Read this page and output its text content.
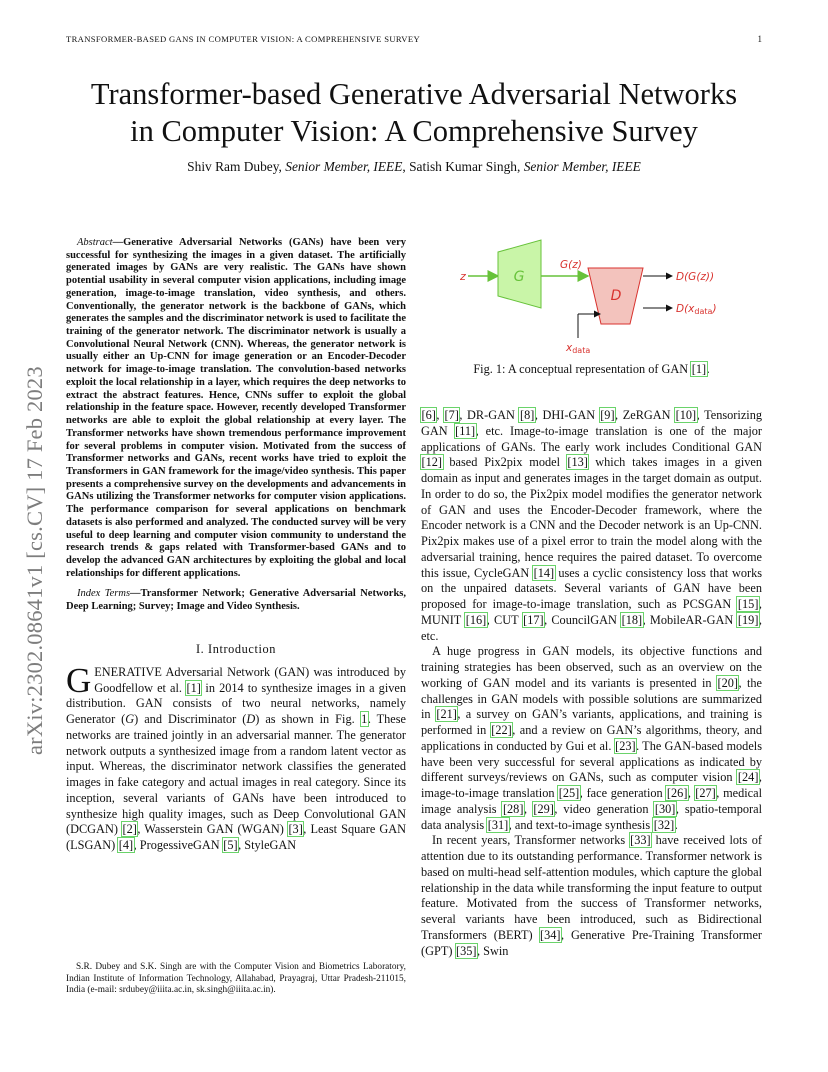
TRANSFORMER-BASED GANS IN COMPUTER VISION: A COMPREHENSIVE SURVEY	1
arXiv:2302.08641v1 [cs.CV] 17 Feb 2023
Transformer-based Generative Adversarial Networks
in Computer Vision: A Comprehensive Survey
Shiv Ram Dubey, Senior Member, IEEE, Satish Kumar Singh, Senior Member, IEEE
Abstract—Generative Adversarial Networks (GANs) have been very successful for synthesizing the images in a given dataset. The artificially generated images by GANs are very realistic. The GANs have shown potential usability in several computer vision applications, including image generation, image-to-image translation, video synthesis, and others. Conventionally, the generator network is the backbone of GANs, which generates the samples and the discriminator network is used to facilitate the training of the generator network. The discriminator network is usually a Convolutional Neural Network (CNN). Whereas, the generator network is usually either an Up-CNN for image generation or an Encoder-Decoder network for image-to-image translation. The convolution-based networks exploit the local relationship in a layer, which requires the deep networks to extract the abstract features. Hence, CNNs suffer to exploit the global relationship in the feature space. However, recently developed Transformer networks are able to exploit the global relationship at every layer. The Transformer networks have shown tremendous performance improvement for several problems in computer vision. Motivated from the success of Transformer networks and GANs, recent works have tried to exploit the Transformers in GAN framework for the image/video synthesis. This paper presents a comprehensive survey on the developments and advancements in GANs utilizing the Transformer networks for computer vision applications. The performance comparison for several applications on benchmark datasets is also performed and analyzed. The conducted survey will be very useful to deep learning and computer vision community to understand the research trends & gaps related with Transformer-based GANs and to develop the advanced GAN architectures by exploiting the global and local relationships for different applications.
Index Terms—Transformer Network; Generative Adversarial Networks, Deep Learning; Survey; Image and Video Synthesis.
I. Introduction

GENERATIVE Adversarial Network (GAN) was introduced by Goodfellow et al. [1] in 2014 to synthesize images in a given distribution. GAN consists of two neural networks, namely Generator (G) and Discriminator (D) as shown in Fig. 1. These networks are trained jointly in an adversarial manner. The generator network outputs a synthesized image from a random latent vector as input. Whereas, the discriminator network classifies the generated images in fake category and actual images in real category. Since its inception, several variants of GANs have been introduced to synthesize high quality images, such as Deep Convolutional GAN (DCGAN) [2], Wasserstein GAN (WGAN) [3], Least Square GAN (LSGAN) [4], ProgessiveGAN [5], StyleGAN

S.R. Dubey and S.K. Singh are with the Computer Vision and Biometrics Laboratory, Indian Institute of Information Technology, Allahabad, Prayagraj, Uttar Pradesh-211015, India (e-mail: srdubey@iiita.ac.in, sk.singh@iiita.ac.in).
z	G
G(z)
D
D(G(z))
D(xdata)
xdata
Fig. 1: A conceptual representation of GAN [1].

[6], [7], DR-GAN [8], DHI-GAN [9], ZeRGAN [10], Tensorizing GAN [11], etc. Image-to-image translation is one of the major applications of GANs. The early work includes Conditional GAN [12] based Pix2pix model [13] which takes images in a given domain as input and generates images in the target domain as output. In order to do so, the Pix2pix model modifies the generator network of GAN and uses the Encoder-Decoder framework, where the Encoder network is a CNN and the Decoder network is an Up-CNN. Pix2pix makes use of a pixel error to train the model along with the adversarial training, hence requires the paired dataset. To overcome this issue, CycleGAN [14] uses a cyclic consistency loss that works on the unpaired datasets. Several variants of GAN have been proposed for image-to-image translation, such as PCSGAN [15], MUNIT [16], CUT [17], CouncilGAN [18], MobileAR-GAN [19], etc.

A huge progress in GAN models, its objective functions and training strategies has been observed, such as an overview on the working of GAN model and its variants is presented in [20], the challenges in GAN models with possible solutions are summarized in [21], a survey on GAN’s variants, applications, and training is performed in [22], and a review on GAN’s algorithms, theory, and applications in conducted by Gui et al. [23]. The GAN-based models have been very successful for several applications as indicated by different surveys/reviews on GANs, such as computer vision [24], image-to-image translation [25], face generation [26], [27], medical image analysis [28], [29], video generation [30], spatio-temporal data analysis [31], and text-to-image synthesis [32].

In recent years, Transformer networks [33] have received lots of attention due to its outstanding performance. Transformer network is based on multi-head self-attention modules, which capture the global relationship in the data while transforming the input feature to output feature. Motivated from the success of Transformer networks, several variants have been introduced, such as Bidirectional Transformers (BERT) [34], Generative Pre-Training Transformer (GPT) [35], Swin
